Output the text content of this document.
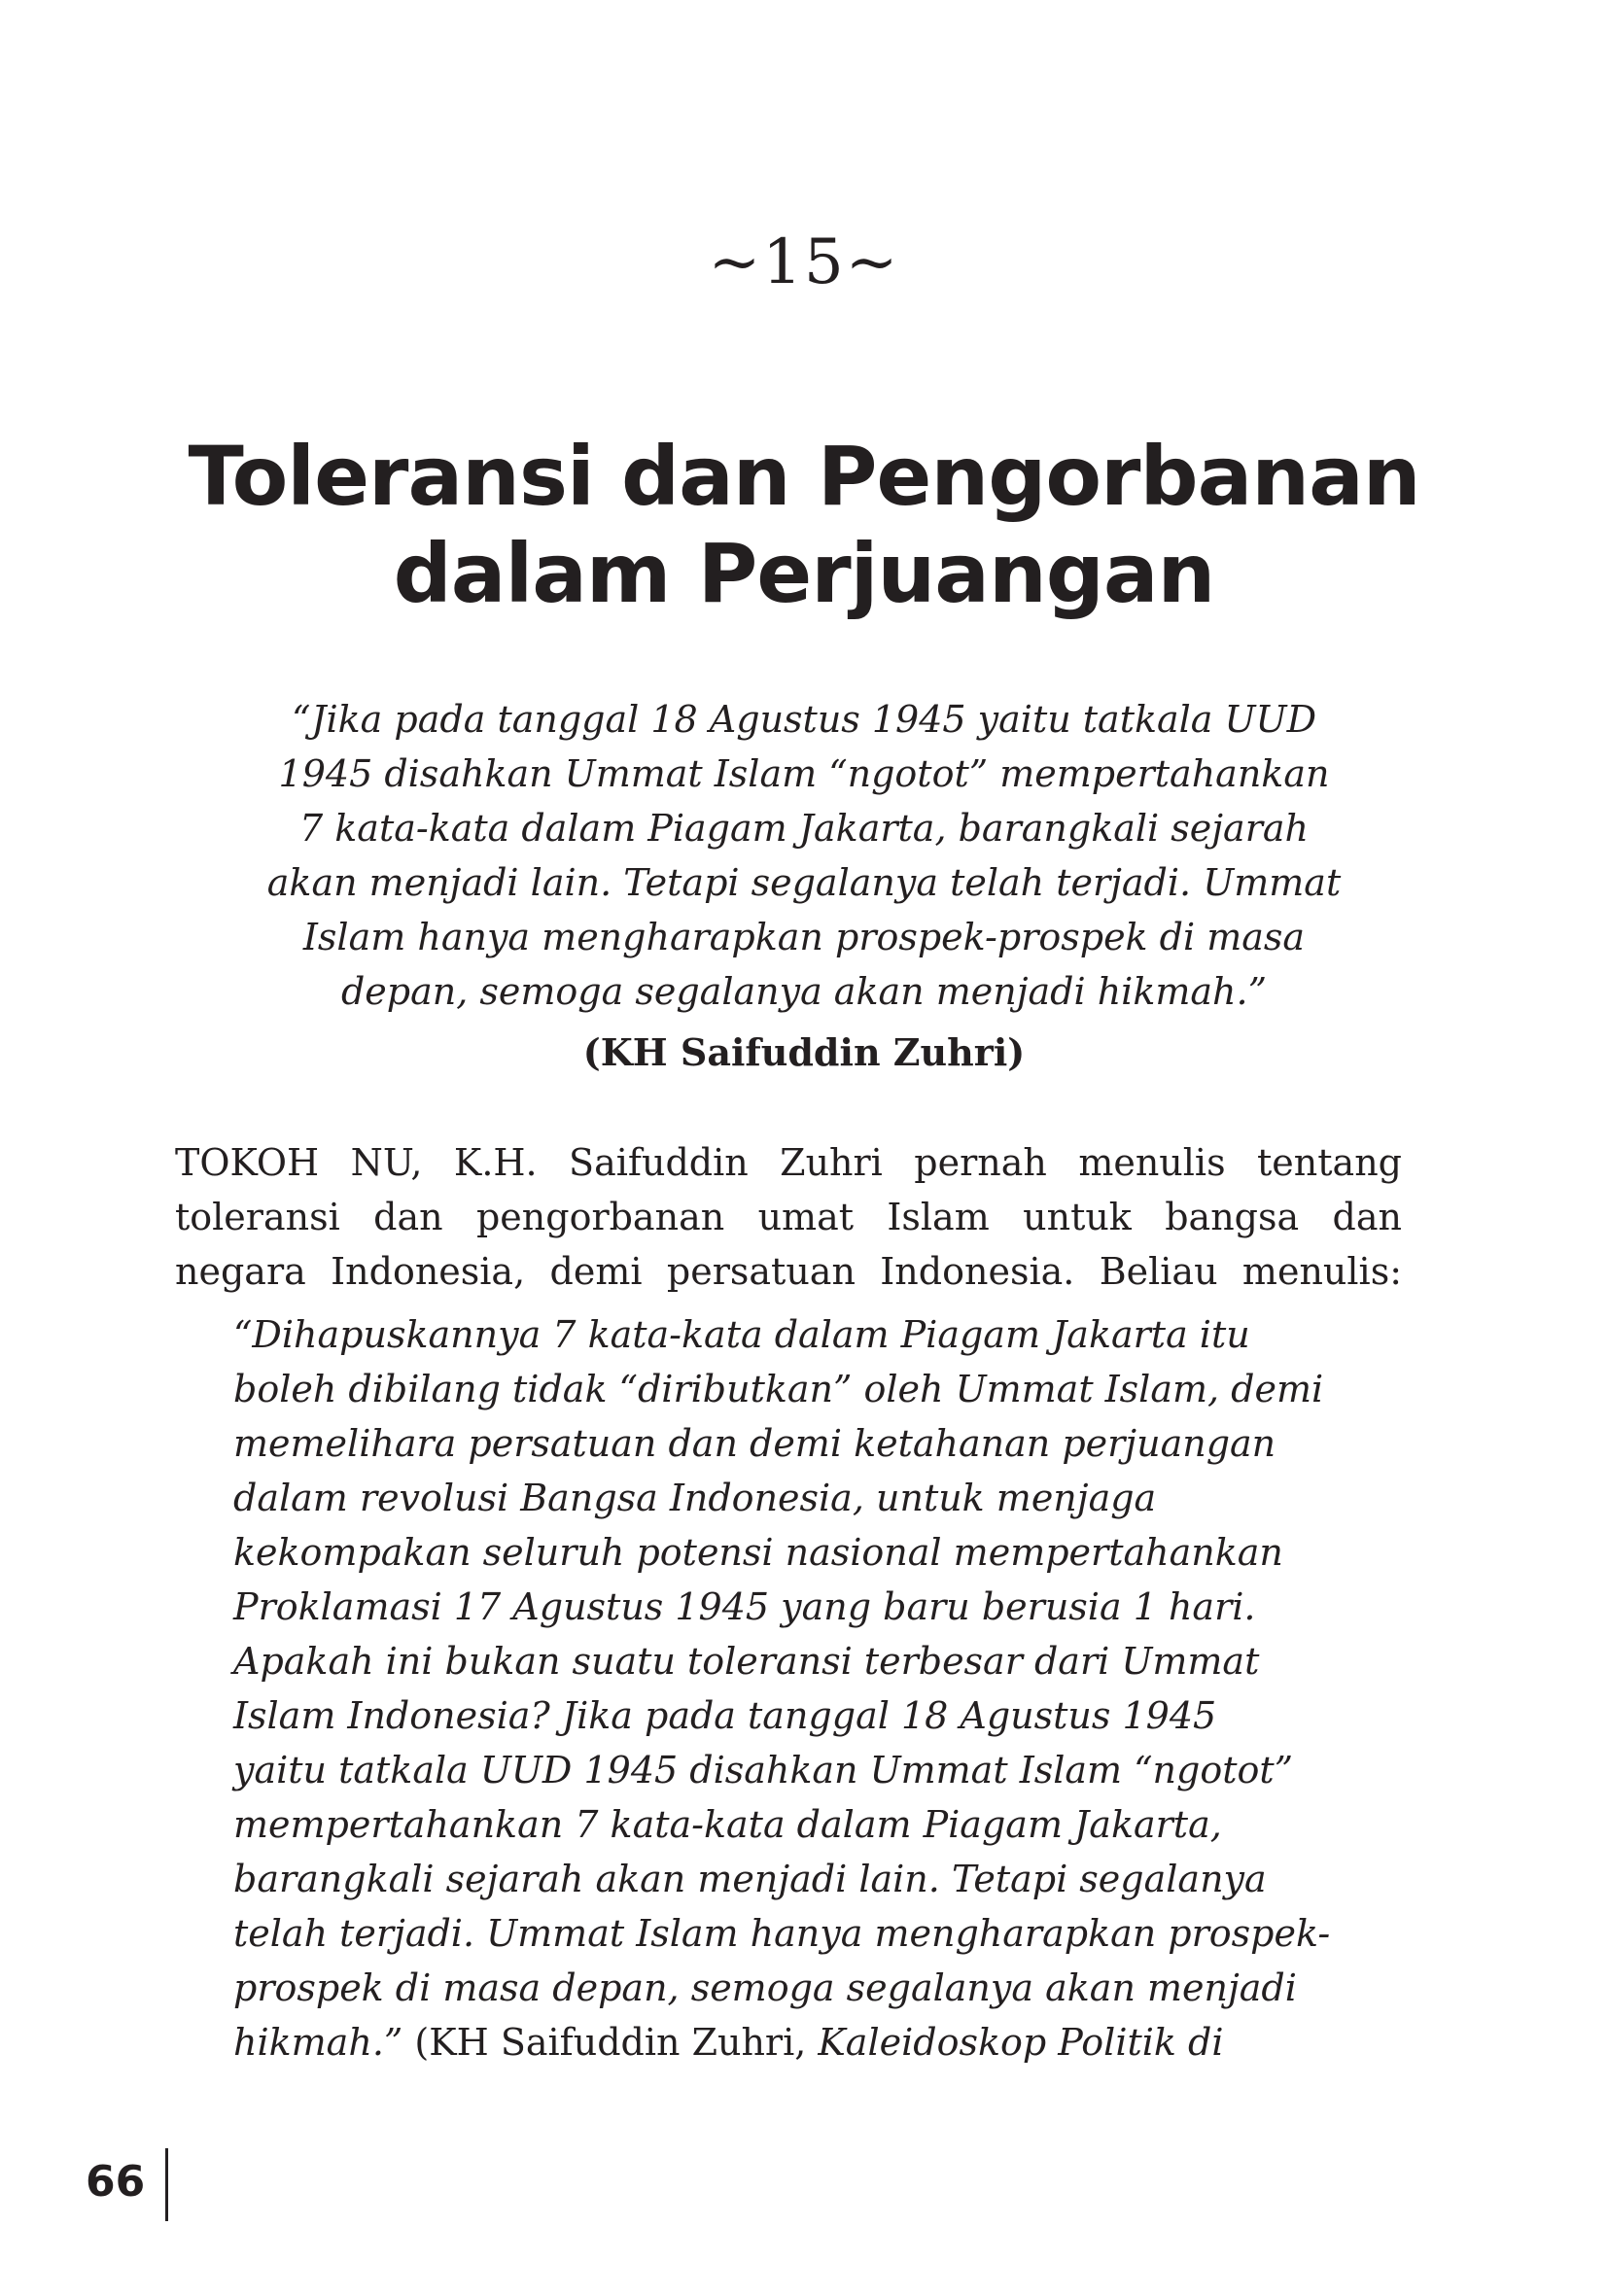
~15~
Toleransi dan Pengorbanan
dalam Perjuangan
“Jika pada tanggal 18 Agustus 1945 yaitu tatkala UUD
1945 disahkan Ummat Islam “ngotot” mempertahankan
7 kata-kata dalam Piagam Jakarta, barangkali sejarah
akan menjadi lain. Tetapi segalanya telah terjadi. Ummat
Islam hanya mengharapkan prospek-prospek di masa
depan, semoga segalanya akan menjadi hikmah.”
(KH Saifuddin Zuhri)
TOKOH NU, K.H. Saifuddin Zuhri pernah menulis tentang
toleransi dan pengorbanan umat Islam untuk bangsa dan
negara Indonesia, demi persatuan Indonesia. Beliau menulis:
“Dihapuskannya 7 kata-kata dalam Piagam Jakarta itu
boleh dibilang tidak “diributkan” oleh Ummat Islam, demi
memelihara persatuan dan demi ketahanan perjuangan
dalam revolusi Bangsa Indonesia, untuk menjaga
kekompakan seluruh potensi nasional mempertahankan
Proklamasi 17 Agustus 1945 yang baru berusia 1 hari.
Apakah ini bukan suatu toleransi terbesar dari Ummat
Islam Indonesia? Jika pada tanggal 18 Agustus 1945
yaitu tatkala UUD 1945 disahkan Ummat Islam “ngotot”
mempertahankan 7 kata-kata dalam Piagam Jakarta,
barangkali sejarah akan menjadi lain. Tetapi segalanya
telah terjadi. Ummat Islam hanya mengharapkan prospek-
prospek di masa depan, semoga segalanya akan menjadi
hikmah.” (KH Saifuddin Zuhri, Kaleidoskop Politik di
66
